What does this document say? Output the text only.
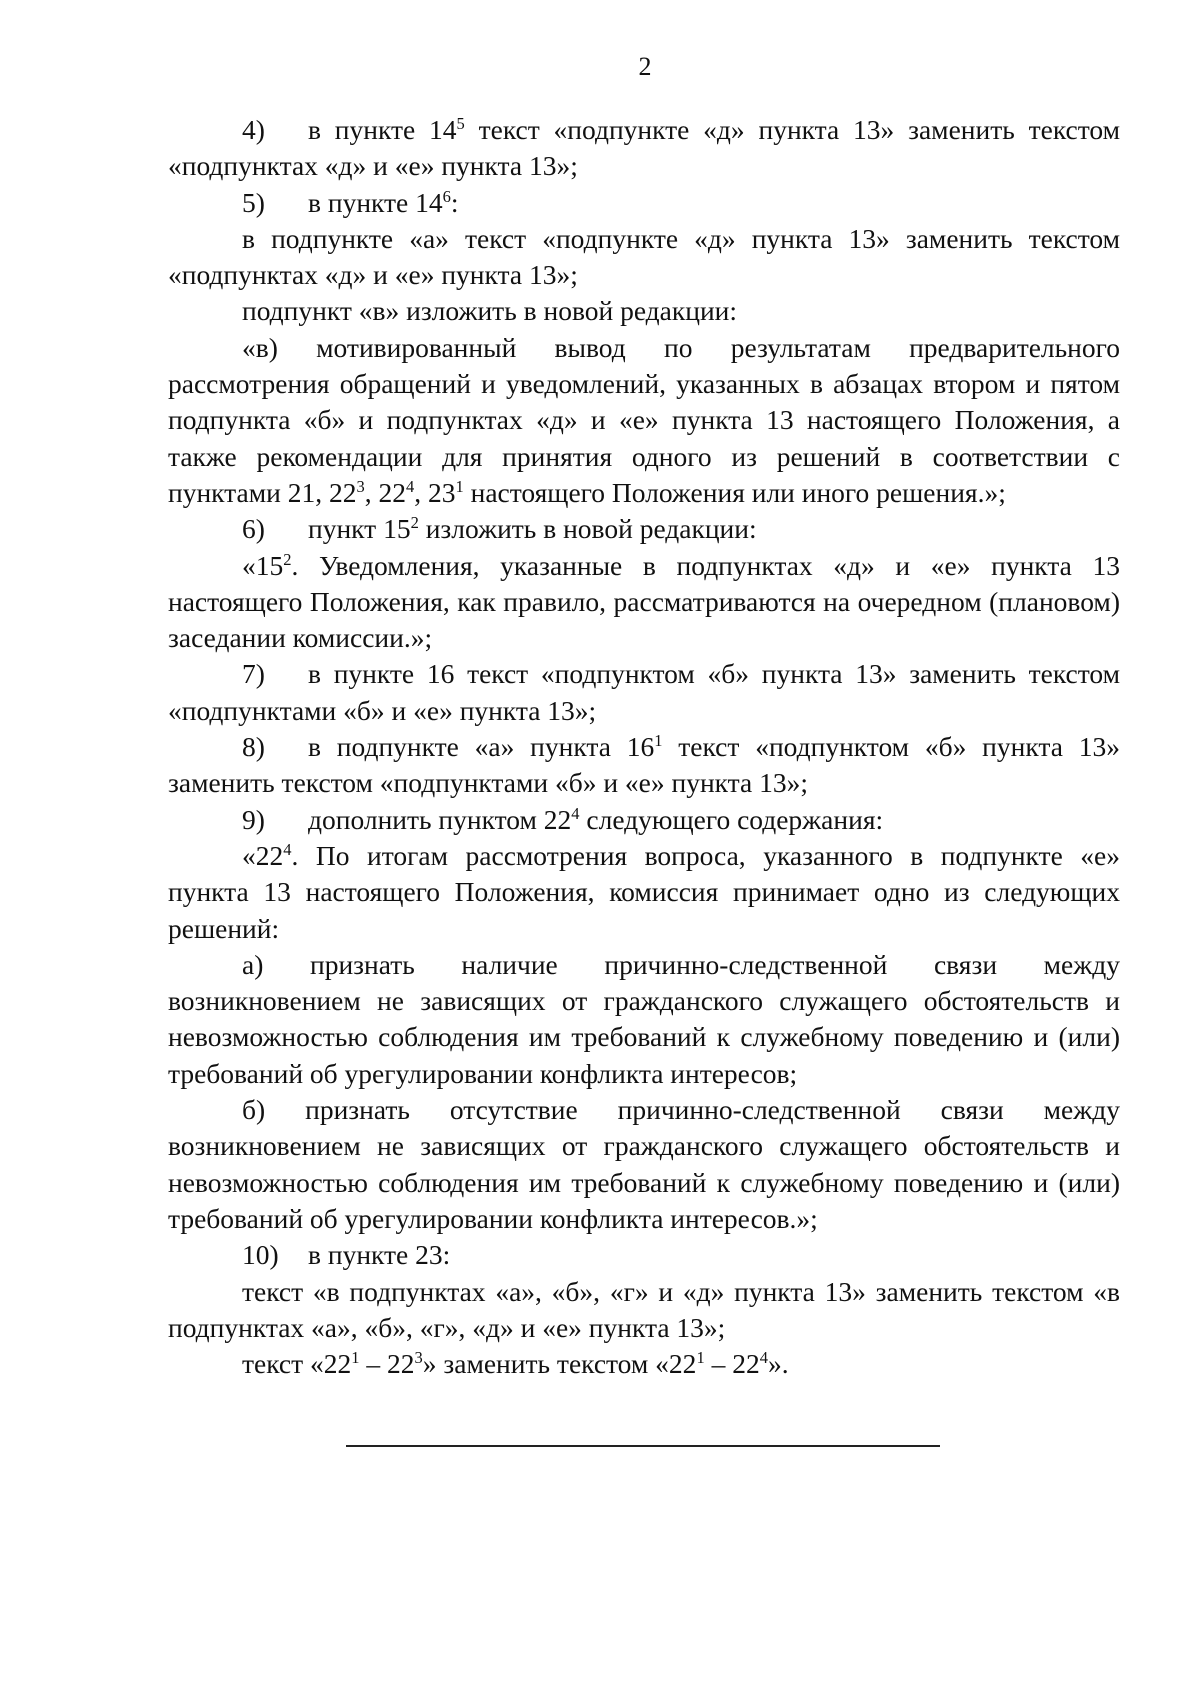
2

4) в пункте $14^5$ текст «подпункте «д» пункта 13» заменить текстом «подпунктах «д» и «е» пункта 13»;

5) в пункте $14^6$:

в подпункте «а» текст «подпункте «д» пункта 13» заменить текстом «подпунктах «д» и «е» пункта 13»;

подпункт «в» изложить в новой редакции:

«в) мотивированный вывод по результатам предварительного рассмотрения обращений и уведомлений, указанных в абзацах втором и пятом подпункта «б» и подпунктах «д» и «е» пункта 13 настоящего Положения, а также рекомендации для принятия одного из решений в соответствии с пунктами 21, $22^3$, $22^4$, $23^1$ настоящего Положения или иного решения.»;

6) пункт $15^2$ изложить в новой редакции:

«$15^2$. Уведомления, указанные в подпунктах «д» и «е» пункта 13 настоящего Положения, как правило, рассматриваются на очередном (плановом) заседании комиссии.»;

7) в пункте 16 текст «подпунктом «б» пункта 13» заменить текстом «подпунктами «б» и «е» пункта 13»;

8) в подпункте «а» пункта $16^1$ текст «подпунктом «б» пункта 13» заменить текстом «подпунктами «б» и «е» пункта 13»;

9) дополнить пунктом $22^4$ следующего содержания:

«$22^4$. По итогам рассмотрения вопроса, указанного в подпункте «е» пункта 13 настоящего Положения, комиссия принимает одно из следующих решений:

а) признать наличие причинно-следственной связи между возникновением не зависящих от гражданского служащего обстоятельств и невозможностью соблюдения им требований к служебному поведению и (или) требований об урегулировании конфликта интересов;

б) признать отсутствие причинно-следственной связи между возникновением не зависящих от гражданского служащего обстоятельств и невозможностью соблюдения им требований к служебному поведению и (или) требований об урегулировании конфликта интересов.»;

10) в пункте 23:

текст «в подпунктах «а», «б», «г» и «д» пункта 13» заменить текстом «в подпунктах «а», «б», «г», «д» и «е» пункта 13»;

текст «$22^1 - 22^3$» заменить текстом «$22^1 - 22^4$».
